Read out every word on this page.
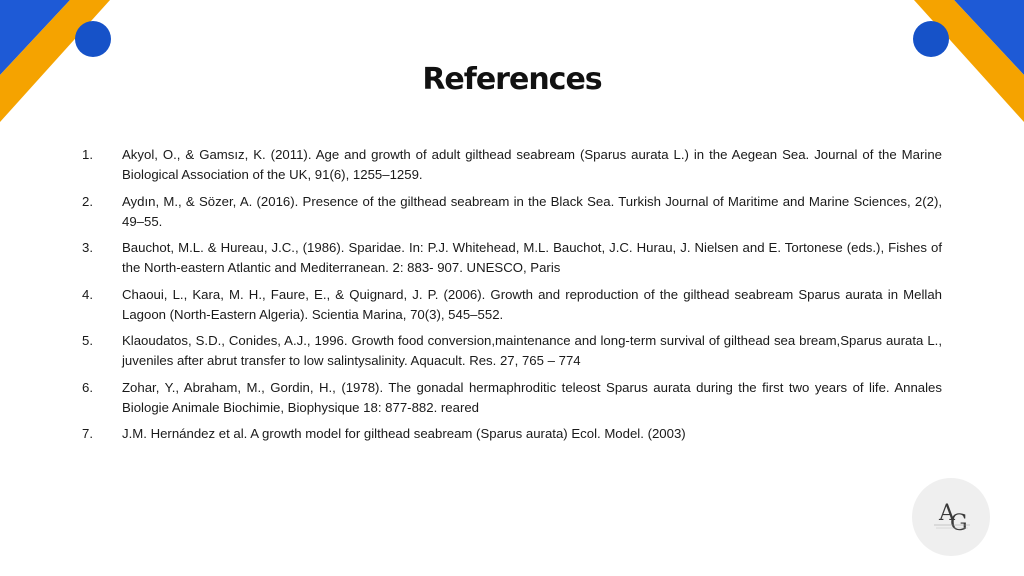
References
1.	Akyol, O., & Gamsız, K. (2011). Age and growth of adult gilthead seabream (Sparus aurata L.) in the Aegean Sea. Journal of the Marine Biological Association of the UK, 91(6), 1255–1259.
2.	Aydın, M., & Sözer, A. (2016). Presence of the gilthead seabream in the Black Sea. Turkish Journal of Maritime and Marine Sciences, 2(2), 49–55.
3.	Bauchot, M.L. & Hureau, J.C., (1986). Sparidae. In: P.J. Whitehead, M.L. Bauchot, J.C. Hurau, J. Nielsen and E. Tortonese (eds.), Fishes of the North-eastern Atlantic and Mediterranean. 2: 883- 907. UNESCO, Paris
4.	Chaoui, L., Kara, M. H., Faure, E., & Quignard, J. P. (2006). Growth and reproduction of the gilthead seabream Sparus aurata in Mellah Lagoon (North-Eastern Algeria). Scientia Marina, 70(3), 545–552.
5.	Klaoudatos, S.D., Conides, A.J., 1996. Growth food conversion,maintenance and long-term survival of gilthead sea bream,Sparus aurata L., juveniles after abrut transfer to low salintysalinity. Aquacult. Res. 27, 765 – 774
6.	Zohar, Y., Abraham, M., Gordin, H., (1978). The gonadal hermaphroditic teleost Sparus aurata during the first two years of life. Annales Biologie Animale Biochimie, Biophysique 18: 877-882. reared
7.	J.M. Hernández et al. A growth model for gilthead seabream (Sparus aurata) Ecol. Model. (2003)
A
G
